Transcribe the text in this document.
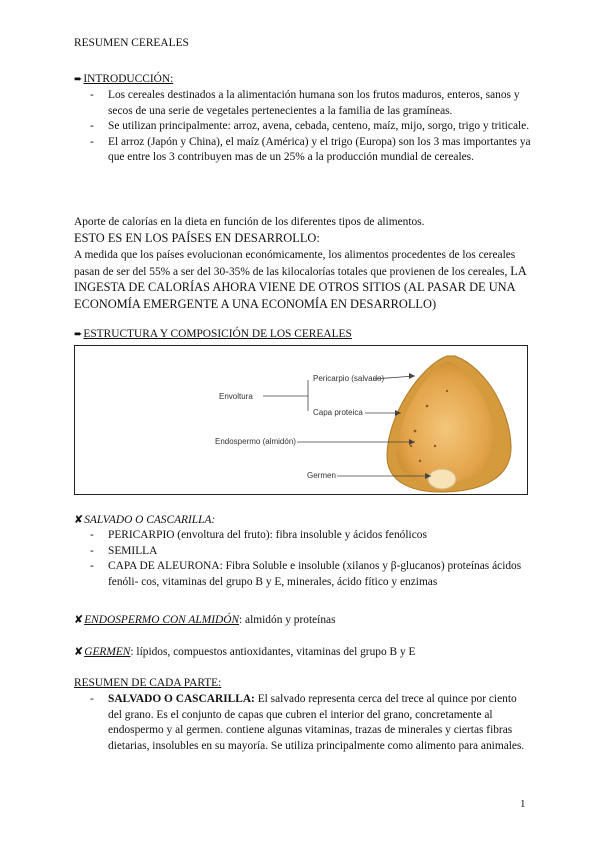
RESUMEN CEREALES
➨INTRODUCCIÓN:
- Los cereales destinados a la alimentación humana son los frutos maduros, enteros, sanos y secos de una serie de vegetales pertenecientes a la familia de las gramíneas.
- Se utilizan principalmente: arroz, avena, cebada, centeno, maíz, mijo, sorgo, trigo y triticale.
- El arroz (Japón y China), el maíz (América) y el trigo (Europa) son los 3 mas importantes ya que entre los 3 contribuyen mas de un 25% a la producción mundial de cereales.
Aporte de calorías en la dieta en función de los diferentes tipos de alimentos.
ESTO ES EN LOS PAÍSES EN DESARROLLO:
A medida que los países evolucionan económicamente, los alimentos procedentes de los cereales pasan de ser del 55% a ser del 30-35% de las kilocalorías totales que provienen de los cereales, LA INGESTA DE CALORÍAS AHORA VIENE DE OTROS SITIOS (AL PASAR DE UNA ECONOMÍA EMERGENTE A UNA ECONOMÍA EN DESARROLLO)
➨ESTRUCTURA Y COMPOSICIÓN DE LOS CEREALES
Envoltura
Pericarpio (salvado)
Capa proteica
Endospermo (almidón)
Germen
✘SALVADO O CASCARILLA:
- PERICARPIO (envoltura del fruto): fibra insoluble y ácidos fenólicos
- SEMILLA
- CAPA DE ALEURONA: Fibra Soluble e insoluble (xilanos y β-glucanos) proteínas ácidos fenóli- cos, vitaminas del grupo B y E, minerales, ácido fítico y enzimas
✘ENDOSPERMO CON ALMIDÓN: almidón y proteínas
✘GERMEN: lípidos, compuestos antioxidantes, vitaminas del grupo B y E
RESUMEN DE CADA PARTE:
- SALVADO O CASCARILLA: El salvado representa cerca del trece al quince por ciento del grano. Es el conjunto de capas que cubren el interior del grano, concretamente al endospermo y al germen. contiene algunas vitaminas, trazas de minerales y ciertas fibras dietarias, insolubles en su mayoría. Se utiliza principalmente como alimento para animales.
1
